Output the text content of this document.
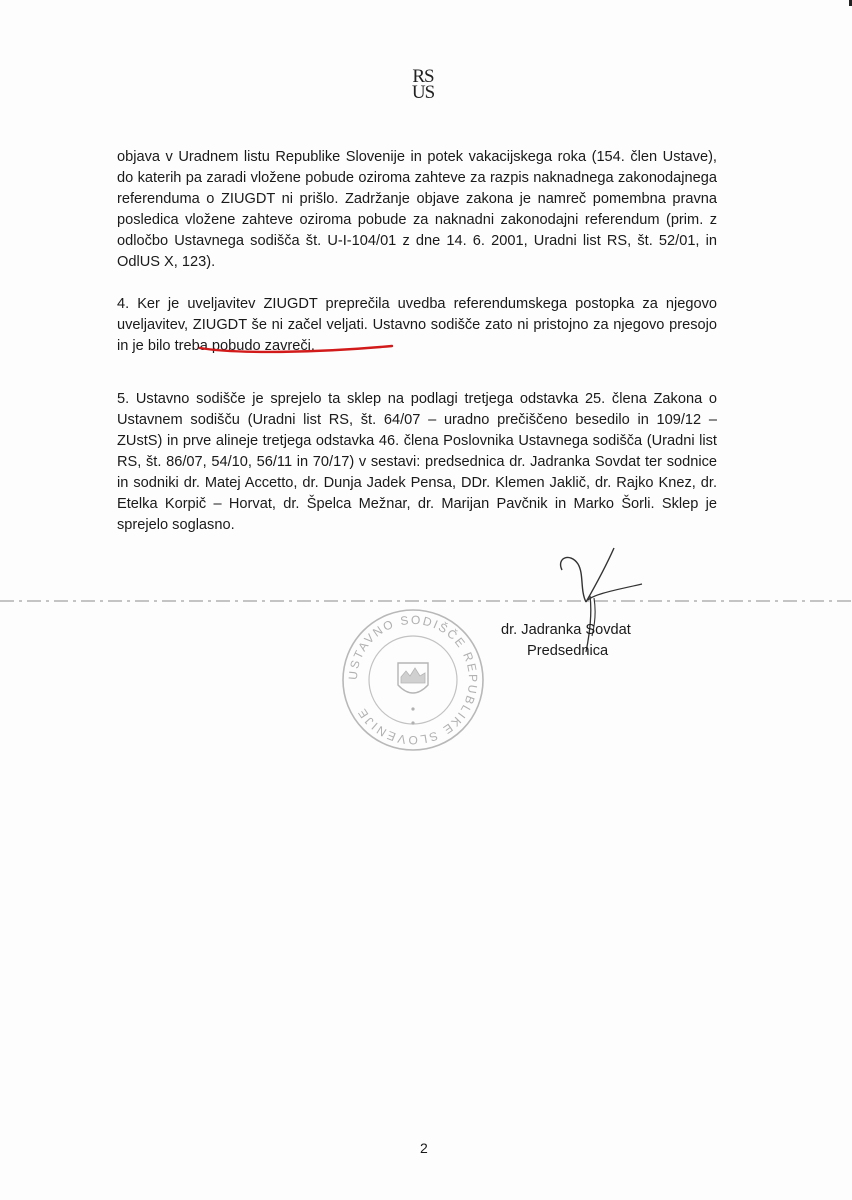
RS
US
objava v Uradnem listu Republike Slovenije in potek vakacijskega roka (154. člen Ustave), do katerih pa zaradi vložene pobude oziroma zahteve za razpis naknadnega zakonodajnega referenduma o ZIUGDT ni prišlo. Zadržanje objave zakona je namreč pomembna pravna posledica vložene zahteve oziroma pobude za naknadni zakonodajni referendum (prim. z odločbo Ustavnega sodišča št. U-I-104/01 z dne 14. 6. 2001, Uradni list RS, št. 52/01, in OdlUS X, 123).
4. Ker je uveljavitev ZIUGDT preprečila uvedba referendumskega postopka za njegovo uveljavitev, ZIUGDT še ni začel veljati. Ustavno sodišče zato ni pristojno za njegovo presojo in je bilo treba pobudo zavreči.
5. Ustavno sodišče je sprejelo ta sklep na podlagi tretjega odstavka 25. člena Zakona o Ustavnem sodišču (Uradni list RS, št. 64/07 – uradno prečiščeno besedilo in 109/12 – ZUstS) in prve alineje tretjega odstavka 46. člena Poslovnika Ustavnega sodišča (Uradni list RS, št. 86/07, 54/10, 56/11 in 70/17) v sestavi: predsednica dr. Jadranka Sovdat ter sodnice in sodniki dr. Matej Accetto, dr. Dunja Jadek Pensa, DDr. Klemen Jaklič, dr. Rajko Knez, dr. Etelka Korpič – Horvat, dr. Špelca Mežnar, dr. Marijan Pavčnik in Marko Šorli. Sklep je sprejelo soglasno.
USTAVNO SODIŠČE REPUBLIKE SLOVENIJE
dr. Jadranka Sovdat
Predsednica
2
